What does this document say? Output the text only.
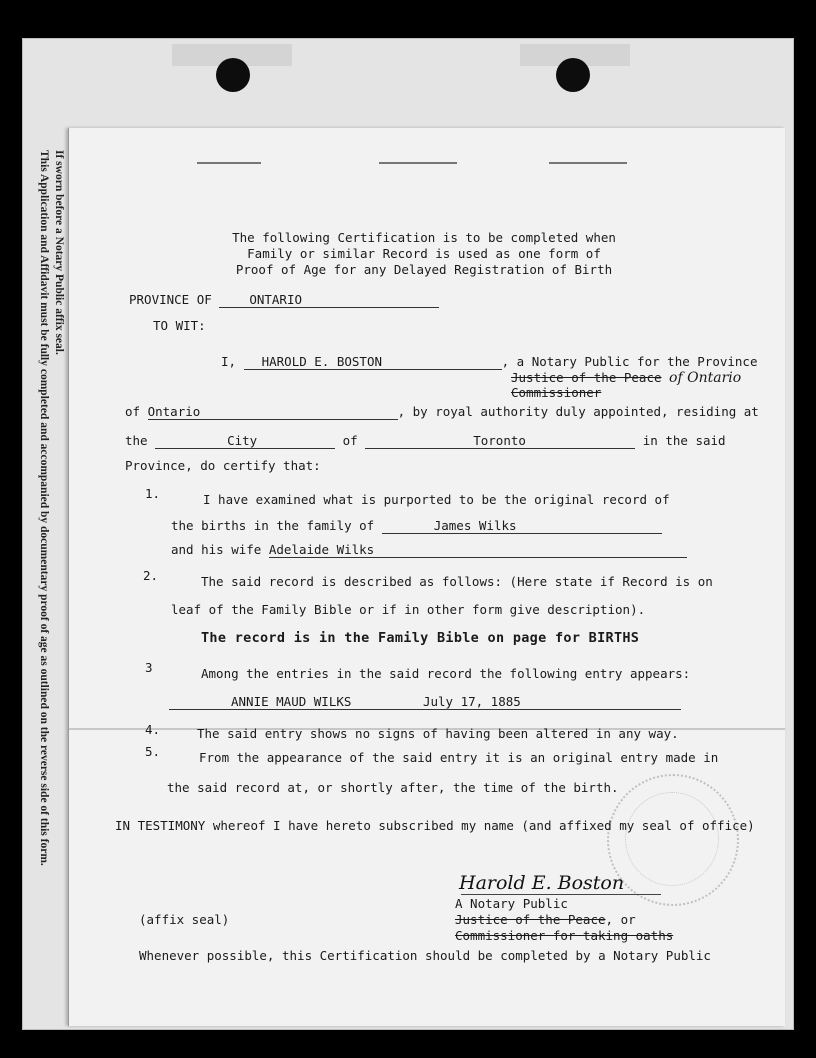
If sworn before a Notary Public affix seal.
This Application and Affidavit must be fully completed and accompanied by documentary proof of age as outlined on the reverse side of this form.	The following Certification is to be completed when
Family or similar Record is used as one form of
Proof of Age for any Delayed Registration of Birth
PROVINCE OF	ONTARIO
TO WIT:
I, HAROLD E. BOSTON	, a Notary Public for the Province
Justice of the Peace of Ontario
Commissioner
of Ontario	, by royal authority duly appointed, residing at
the	City	of	Toronto	in the said
Province, do certify that:
1.	I have examined what is purported to be the original record of
the births in the family of	James Wilks
and his wife Adelaide Wilks
2.	The said record is described as follows: (Here state if Record is on
leaf of the Family Bible or if in other form give description).
The record is in the Family Bible on page for BIRTHS
3	Among the entries in the said record the following entry appears:
ANNIE MAUD WILKS	July 17, 1885
4.	The said entry shows no signs of having been altered in any way.
5.	From the appearance of the said entry it is an original entry made in
the said record at, or shortly after, the time of the birth.
IN TESTIMONY whereof I have hereto subscribed my name (and affixed my seal of office)
Harold E. Boston
A Notary Public
Justice of the Peace, or
Commissioner for taking oaths
(affix seal)
Whenever possible, this Certification should be completed by a Notary Public
